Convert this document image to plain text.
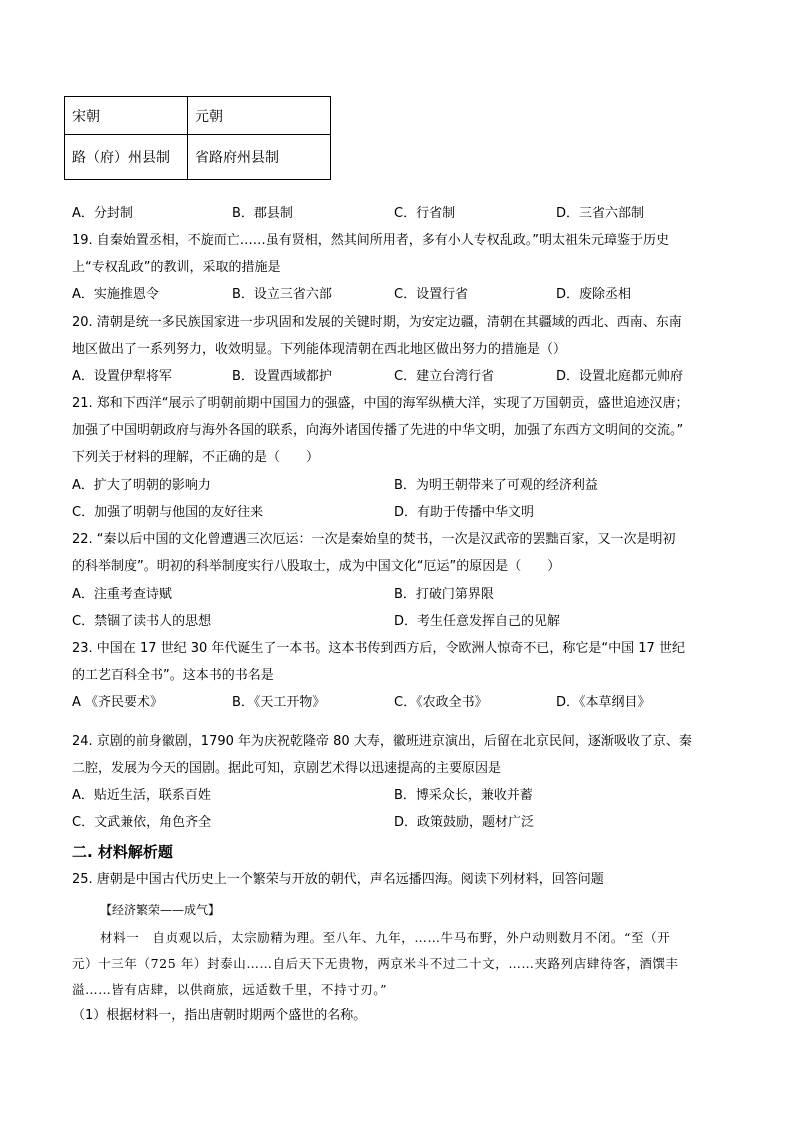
宋朝	元朝
路（府）州县制	省路府州县制
A．分封制	B．郡县制	C．行省制	D．三省六部制
19. 自秦始置丞相，不旋而亡……虽有贤相，然其间所用者，多有小人专权乱政。”明太祖朱元璋鉴于历史
上“专权乱政”的教训，采取的措施是
A．实施推恩令	B．设立三省六部	C．设置行省	D．废除丞相
20. 清朝是统一多民族国家进一步巩固和发展的关键时期，为安定边疆，清朝在其疆域的西北、西南、东南
地区做出了一系列努力，收效明显。下列能体现清朝在西北地区做出努力的措施是（）
A．设置伊犁将军	B．设置西域都护	C．建立台湾行省	D．设置北庭都元帅府
21. 郑和下西洋“展示了明朝前期中国国力的强盛，中国的海军纵横大洋，实现了万国朝贡，盛世追迹汉唐；
加强了中国明朝政府与海外各国的联系，向海外诸国传播了先进的中华文明，加强了东西方文明间的交流。”
下列关于材料的理解，不正确的是（　　）
A．扩大了明朝的影响力	B．为明王朝带来了可观的经济利益
C．加强了明朝与他国的友好往来	D．有助于传播中华文明
22. “秦以后中国的文化曾遭遇三次厄运：一次是秦始皇的焚书，一次是汉武帝的罢黜百家，又一次是明初
的科举制度”。明初的科举制度实行八股取士，成为中国文化“厄运”的原因是（　　）
A．注重考查诗赋	B．打破门第界限
C．禁锢了读书人的思想	D．考生任意发挥自己的见解
23. 中国在 17 世纪 30 年代诞生了一本书。这本书传到西方后，令欧洲人惊奇不已，称它是“中国 17 世纪
的工艺百科全书”。这本书的书名是
A 《齐民要术》	B．《天工开物》	C．《农政全书》	D．《本草纲目》
24. 京剧的前身徽剧，1790 年为庆祝乾隆帝 80 大寿，徽班进京演出，后留在北京民间，逐渐吸收了京、秦
二腔，发展为今天的国剧。据此可知，京剧艺术得以迅速提高的主要原因是
A．贴近生活，联系百姓	B．博采众长，兼收并蓄
C．文武兼依，角色齐全	D．政策鼓励，题材广泛
二. 材料解析题
25. 唐朝是中国古代历史上一个繁荣与开放的朝代，声名远播四海。阅读下列材料，回答问题
【经济繁荣——成气】
材料一　自贞观以后，太宗励精为理。至八年、九年，……牛马布野，外户动则数月不闭。“至（开
元）十三年（725 年）封泰山……自后天下无贵物，两京米斗不过二十文，……夹路列店肆待客，酒馔丰
溢……皆有店肆，以供商旅，远适数千里，不持寸刃。”
（1）根据材料一，指出唐朝时期两个盛世的名称。
